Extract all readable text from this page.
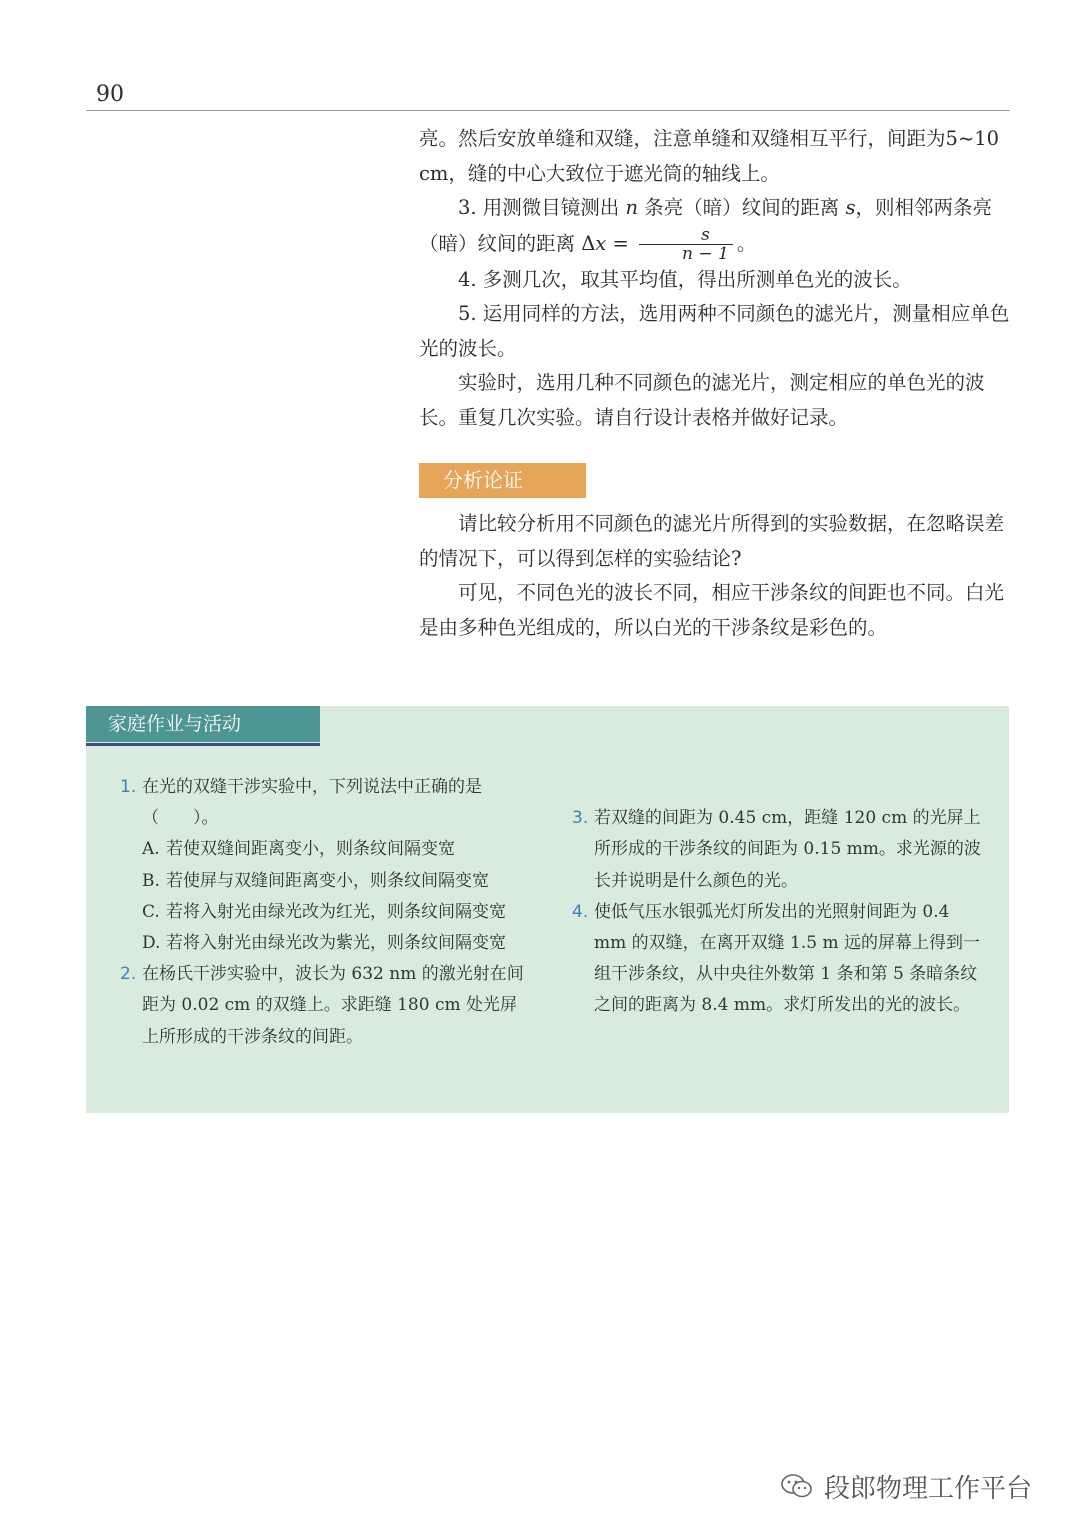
90

亮。然后安放单缝和双缝，注意单缝和双缝相互平行，间距为5~10 cm，缝的中心大致位于遮光筒的轴线上。

3. 用测微目镜测出 n 条亮（暗）纹间的距离 s，则相邻两条亮（暗）纹间的距离 $\Delta x = \frac{s}{n - 1}$ 。

4. 多测几次，取其平均值，得出所测单色光的波长。

5. 运用同样的方法，选用两种不同颜色的滤光片，测量相应单色光的波长。

实验时，选用几种不同颜色的滤光片，测定相应的单色光的波长。重复几次实验。请自行设计表格并做好记录。

分析论证

请比较分析用不同颜色的滤光片所得到的实验数据，在忽略误差的情况下，可以得到怎样的实验结论?

可见，不同色光的波长不同，相应干涉条纹的间距也不同。白光是由多种色光组成的，所以白光的干涉条纹是彩色的。

家庭作业与活动
1. 在光的双缝干涉实验中，下列说法中正确的是（　　）。
A. 若使双缝间距离变小，则条纹间隔变宽
B. 若使屏与双缝间距离变小，则条纹间隔变宽
C. 若将入射光由绿光改为红光，则条纹间隔变宽
D. 若将入射光由绿光改为紫光，则条纹间隔变宽
2. 在杨氏干涉实验中，波长为 632 nm 的激光射在间距为 0.02 cm 的双缝上。求距缝 180 cm 处光屏上所形成的干涉条纹的间距。
3. 若双缝的间距为 0.45 cm，距缝 120 cm 的光屏上所形成的干涉条纹的间距为 0.15 mm。求光源的波长并说明是什么颜色的光。
4. 使低气压水银弧光灯所发出的光照射间距为 0.4 mm 的双缝，在离开双缝 1.5 m 远的屏幕上得到一组干涉条纹，从中央往外数第 1 条和第 5 条暗条纹之间的距离为 8.4 mm。求灯所发出的光的波长。
段郎物理工作平台
